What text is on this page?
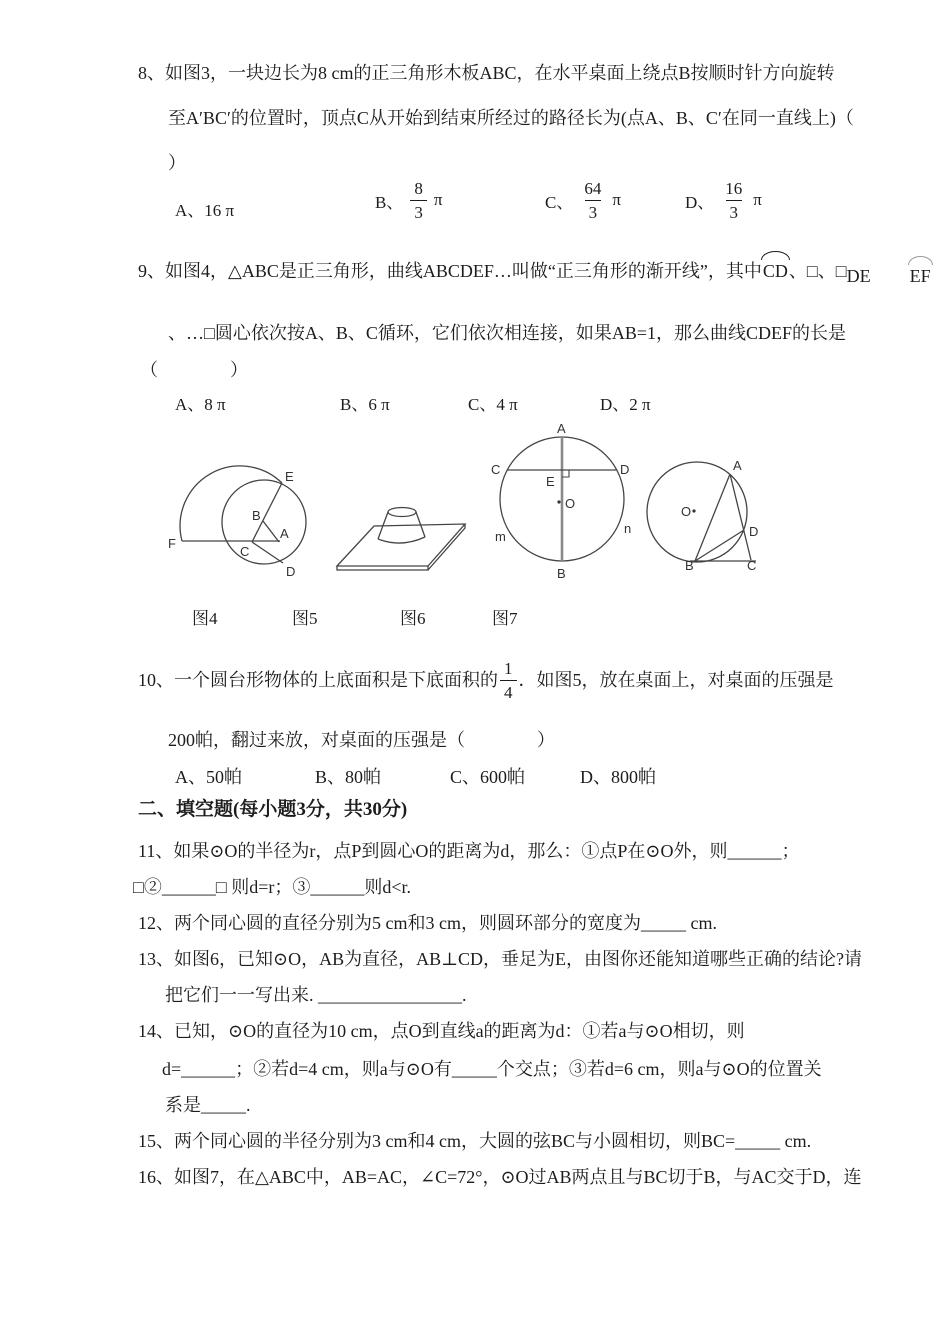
8、如图3，一块边长为8 cm的正三角形木板ABC，在水平桌面上绕点B按顺时针方向旋转
至A′BC′的位置时，顶点C从开始到结束所经过的路径长为(点A、B、C′在同一直线上)（
）
A、16 π	B、 $\frac{8}{3}$ π	C、 $\frac{64}{3}$ π	D、 $\frac{16}{3}$ π
9、如图4，△ABC是正三角形，曲线ABCDEF…叫做“正三角形的渐开线”，其中CD、□、□DE EF
、…□圆心依次按A、B、C循环，它们依次相连接，如果AB=1，那么曲线CDEF的长是
（　　　　）
A、8 π	B、6 π	C、4 π	D、2 π
E
B
A
F
C
D
A
B
C	D
E
O
m
n
O
A
B	C
D
图4	图5	图6	图7
10、一个圆台形物体的上底面积是下底面积的 $\frac{1}{4}$ ．如图5，放在桌面上，对桌面的压强是
200帕，翻过来放，对桌面的压强是（　　　　）
A、50帕	B、80帕	C、600帕	D、800帕
二、填空题(每小题3分，共30分)
11、如果⊙O的半径为r，点P到圆心O的距离为d，那么：①点P在⊙O外，则______；
□②______□ 则d=r；③______则d<r.
12、两个同心圆的直径分别为5 cm和3 cm，则圆环部分的宽度为_____ cm.
13、如图6，已知⊙O，AB为直径，AB⊥CD，垂足为E，由图你还能知道哪些正确的结论?请
把它们一一写出来. ________________.
14、已知，⊙O的直径为10 cm，点O到直线a的距离为d：①若a与⊙O相切，则
d=______；②若d=4 cm，则a与⊙O有_____个交点；③若d=6 cm，则a与⊙O的位置关
系是_____.
15、两个同心圆的半径分别为3 cm和4 cm，大圆的弦BC与小圆相切，则BC=_____ cm.
16、如图7，在△ABC中，AB=AC，∠C=72°，⊙O过AB两点且与BC切于B，与AC交于D，连
